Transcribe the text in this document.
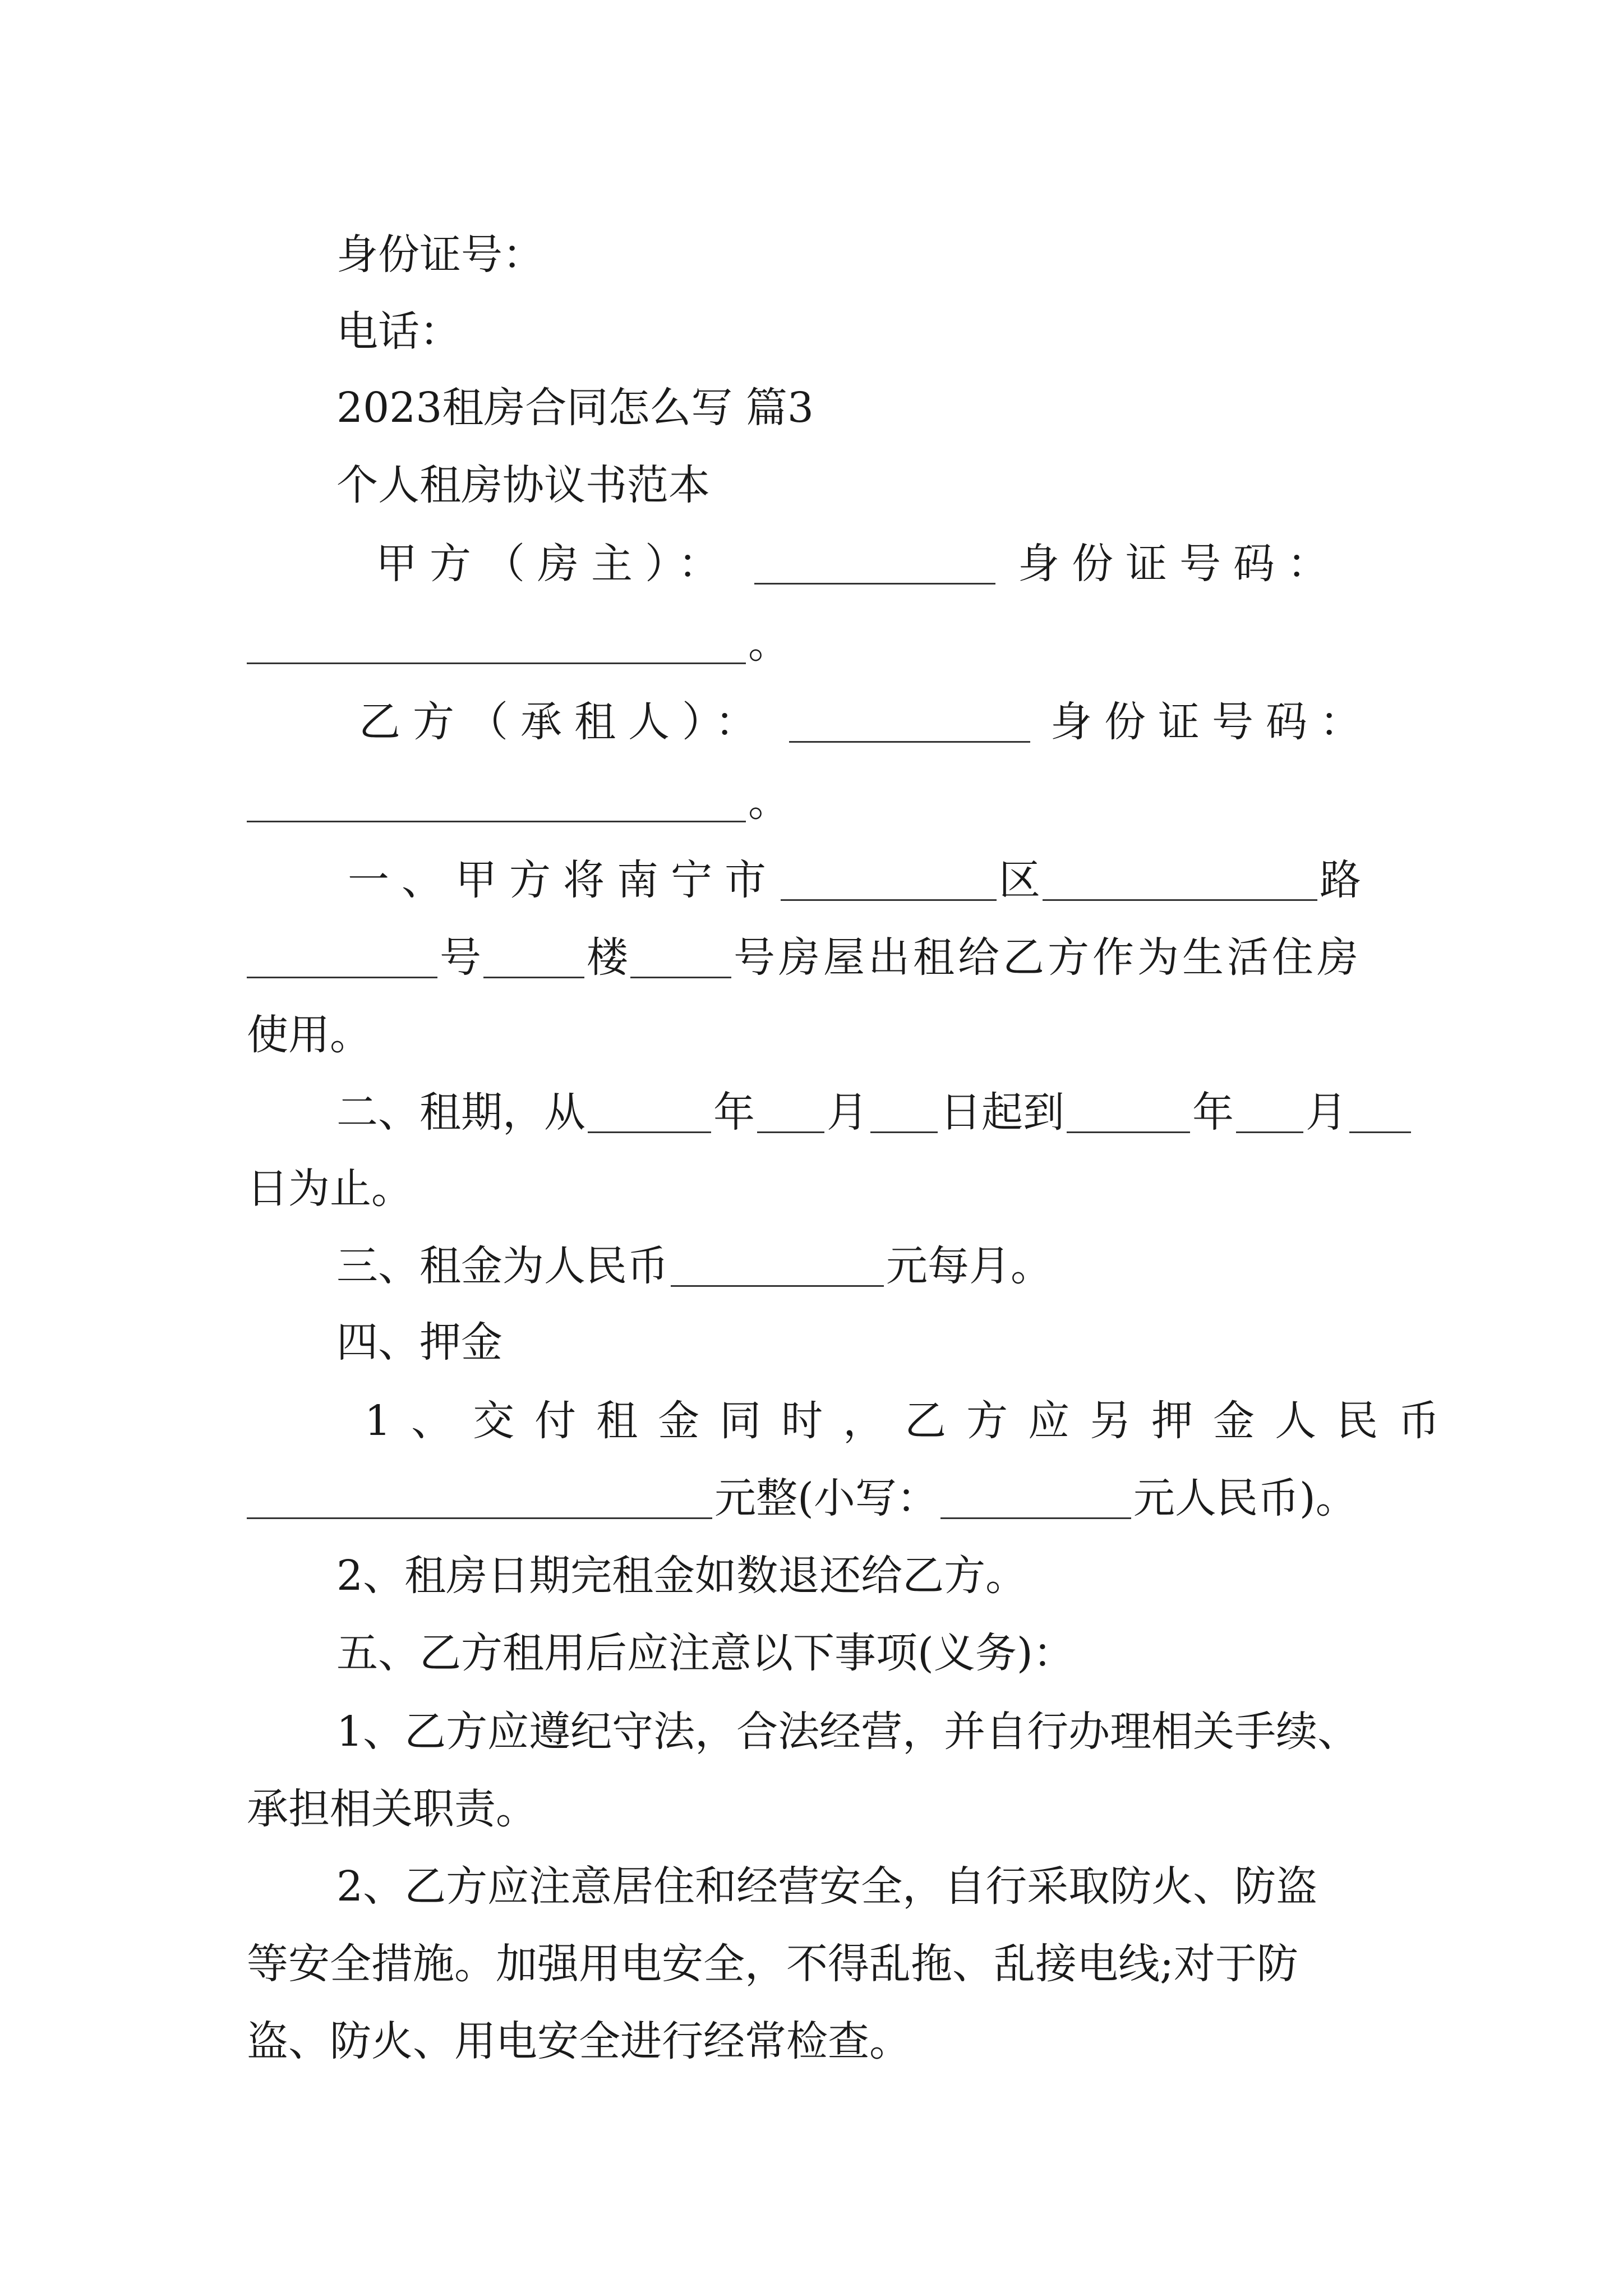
身份证号：
电话：
2023租房合同怎么写 篇3
个人租房协议书范本
甲方（房主）：	身份证号码：
。
乙方（承租人）：	身份证号码：
。
一、甲方将南宁市	区	路
号	楼	号房屋出租给乙方作为生活住房
使用。
二、租期，从	年 月 日起到	年 月
日为止。
三、租金为人民币	元每月。
四、押金
1、交付租金同时，乙方应另押金人民币
元整(小写：	元人民币)。
2、租房日期完租金如数退还给乙方。
五、乙方租用后应注意以下事项(义务)：
1、乙方应遵纪守法，合法经营，并自行办理相关手续、
承担相关职责。
2、乙方应注意居住和经营安全，自行采取防火、防盗
等安全措施。加强用电安全，不得乱拖、乱接电线;对于防
盗、防火、用电安全进行经常检查。
